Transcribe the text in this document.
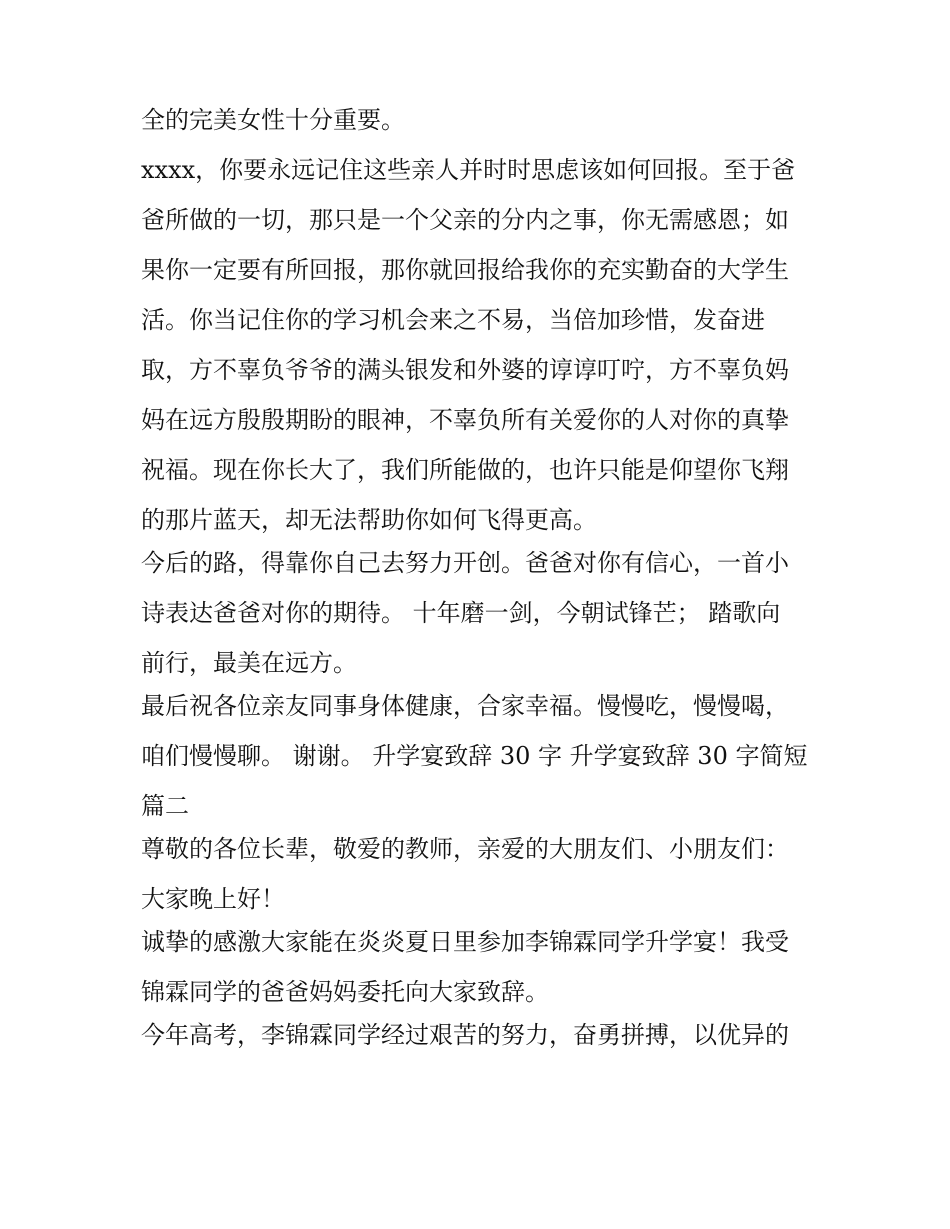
全的完美女性十分重要。
xxxx，你要永远记住这些亲人并时时思虑该如何回报。至于爸
爸所做的一切，那只是一个父亲的分内之事，你无需感恩；如
果你一定要有所回报，那你就回报给我你的充实勤奋的大学生
活。你当记住你的学习机会来之不易，当倍加珍惜，发奋进
取，方不辜负爷爷的满头银发和外婆的谆谆叮咛，方不辜负妈
妈在远方殷殷期盼的眼神，不辜负所有关爱你的人对你的真挚
祝福。现在你长大了，我们所能做的，也许只能是仰望你飞翔
的那片蓝天，却无法帮助你如何飞得更高。
今后的路，得靠你自己去努力开创。爸爸对你有信心，一首小
诗表达爸爸对你的期待。 十年磨一剑，今朝试锋芒； 踏歌向
前行，最美在远方。
最后祝各位亲友同事身体健康，合家幸福。慢慢吃，慢慢喝，
咱们慢慢聊。 谢谢。 升学宴致辞 30 字 升学宴致辞 30 字简短
篇二
尊敬的各位长辈，敬爱的教师，亲爱的大朋友们、小朋友们：
大家晚上好！
诚挚的感激大家能在炎炎夏日里参加李锦霖同学升学宴！我受
锦霖同学的爸爸妈妈委托向大家致辞。
今年高考，李锦霖同学经过艰苦的努力，奋勇拼搏，以优异的
